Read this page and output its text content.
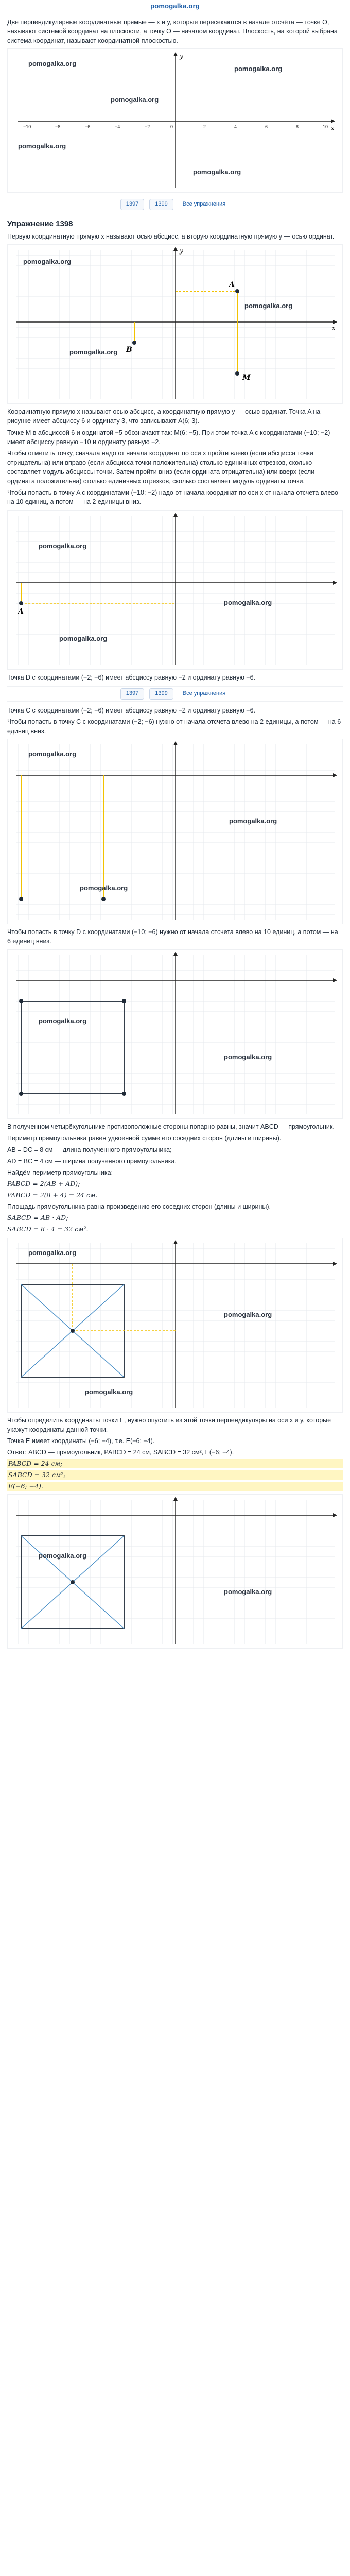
pomogalka.org

Две перпендикулярные координатные прямые — x и y, которые пересекаются в начале отсчёта — точке O, называют системой координат на плоскости, а точку O — началом координат. Плоскость, на которой выбрана система координат, называют координатной плоскостью.

x
y
−10	−8	−6	−4	−2	0	2	4	6	8	10
pomogalka.org
pomogalka.org
pomogalka.org
pomogalka.org
pomogalka.org
1397	1399	Все упражнения
Упражнение 1398

Первую координатную прямую x называют осью абсцисс, а вторую координатную прямую y — осью ординат.

A
B
M
x
y
pomogalka.org
pomogalka.org
pomogalka.org

Координатную прямую x называют осью абсцисс, а координатную прямую y — осью ординат. Точка A на рисунке имеет абсциссу 6 и ординату 3, что записывают A(6; 3).

Точке M в абсциссой 6 и ординатой −5 обозначают так: M(6; −5). При этом точка A с координатами (−10; −2) имеет абсциссу равную −10 и ординату равную −2.

Чтобы отметить точку, сначала надо от начала координат по оси x пройти влево (если абсцисса точки отрицательна) или вправо (если абсцисса точки положительна) столько единичных отрезков, сколько составляет модуль абсциссы точки. Затем пройти вниз (если ордината отрицательна) или вверх (если ордината положительна) столько единичных отрезков, сколько составляет модуль ординаты точки.

Чтобы попасть в точку A с координатами (−10; −2) надо от начала координат по оси x от начала отсчета влево на 10 единиц, а потом — на 2 единицы вниз.

A
pomogalka.org
pomogalka.org
pomogalka.org

Точка D с координатами (−2; −6) имеет абсциссу равную −2 и ординату равную −6.

1397	1399	Все упражнения

Точка C с координатами (−2; −6) имеет абсциссу равную −2 и ординату равную −6.

Чтобы попасть в точку C с координатами (−2; −6) нужно от начала отсчета влево на 2 единицы, а потом — на 6 единиц вниз.

pomogalka.org
pomogalka.org
pomogalka.org

Чтобы попасть в точку D с координатами (−10; −6) нужно от начала отсчета влево на 10 единиц, а потом — на 6 единиц вниз.

pomogalka.org
pomogalka.org

В полученном четырёхугольнике противоположные стороны попарно равны, значит ABCD — прямоугольник.

Периметр прямоугольника равен удвоенной сумме его соседних сторон (длины и ширины).

AB = DC = 8 см — длина полученного прямоугольника;

AD = BC = 4 см — ширина полученного прямоугольника.

Найдём периметр прямоугольника:

PABCD = 2(AB + AD);

PABCD = 2(8 + 4) = 24 см.

Площадь прямоугольника равна произведению его соседних сторон (длины и ширины).

SABCD = AB · AD;

SABCD = 8 · 4 = 32 см².

pomogalka.org
pomogalka.org
pomogalka.org

Чтобы определить координаты точки E, нужно опустить из этой точки перпендикуляры на оси x и y, которые укажут координаты данной точки.

Точка E имеет координаты (−6; −4), т.е. E(−6; −4).

Ответ: ABCD — прямоугольник, PABCD = 24 см, SABCD = 32 см², E(−6; −4).

PABCD = 24 см;

SABCD = 32 см²;

E(−6; −4).

pomogalka.org
pomogalka.org
